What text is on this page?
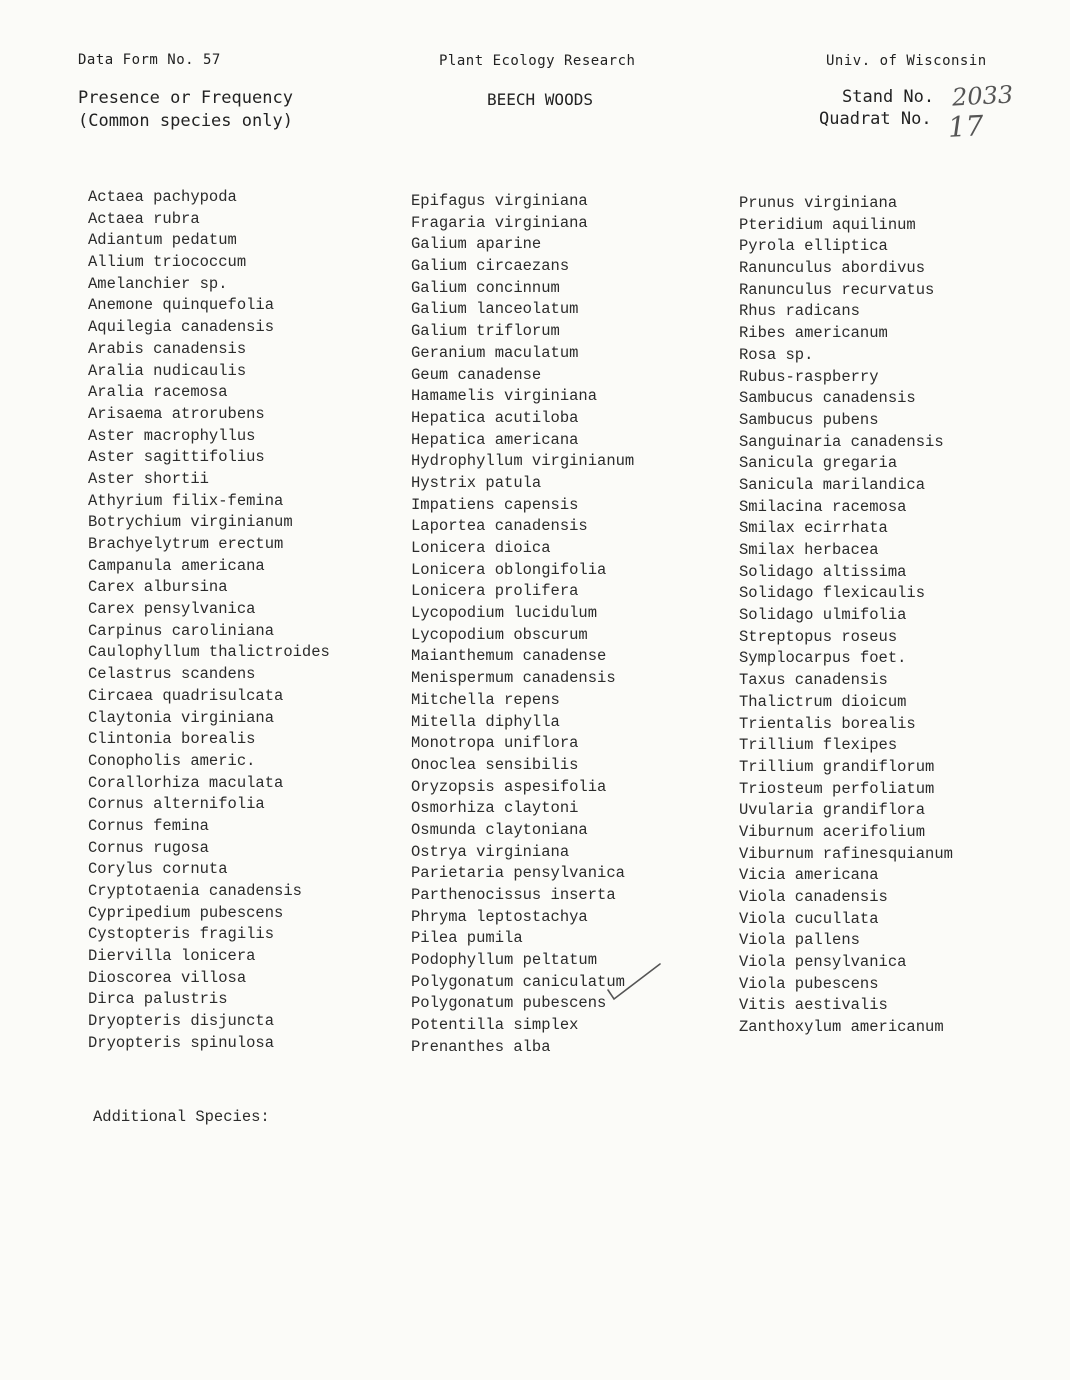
Data Form No. 57	Plant Ecology Research	Univ. of Wisconsin
Presence or Frequency
(Common species only)
BEECH WOODS	Stand No.
Quadrat No.
2033
17
Actaea pachypoda
Actaea rubra
Adiantum pedatum
Allium triococcum
Amelanchier sp.
Anemone quinquefolia
Aquilegia canadensis
Arabis canadensis
Aralia nudicaulis
Aralia racemosa
Arisaema atrorubens
Aster macrophyllus
Aster sagittifolius
Aster shortii
Athyrium filix-femina
Botrychium virginianum
Brachyelytrum erectum
Campanula americana
Carex albursina
Carex pensylvanica
Carpinus caroliniana
Caulophyllum thalictroides
Celastrus scandens
Circaea quadrisulcata
Claytonia virginiana
Clintonia borealis
Conopholis americ.
Corallorhiza maculata
Cornus alternifolia
Cornus femina
Cornus rugosa
Corylus cornuta
Cryptotaenia canadensis
Cypripedium pubescens
Cystopteris fragilis
Diervilla lonicera
Dioscorea villosa
Dirca palustris
Dryopteris disjuncta
Dryopteris spinulosa
Epifagus virginiana
Fragaria virginiana
Galium aparine
Galium circaezans
Galium concinnum
Galium lanceolatum
Galium triflorum
Geranium maculatum
Geum canadense
Hamamelis virginiana
Hepatica acutiloba
Hepatica americana
Hydrophyllum virginianum
Hystrix patula
Impatiens capensis
Laportea canadensis
Lonicera dioica
Lonicera oblongifolia
Lonicera prolifera
Lycopodium lucidulum
Lycopodium obscurum
Maianthemum canadense
Menispermum canadensis
Mitchella repens
Mitella diphylla
Monotropa uniflora
Onoclea sensibilis
Oryzopsis aspesifolia
Osmorhiza claytoni
Osmunda claytoniana
Ostrya virginiana
Parietaria pensylvanica
Parthenocissus inserta
Phryma leptostachya
Pilea pumila
Podophyllum peltatum
Polygonatum caniculatum
Polygonatum pubescens
Potentilla simplex
Prenanthes alba
Prunus virginiana
Pteridium aquilinum
Pyrola elliptica
Ranunculus abordivus
Ranunculus recurvatus
Rhus radicans
Ribes americanum
Rosa sp.
Rubus-raspberry
Sambucus canadensis
Sambucus pubens
Sanguinaria canadensis
Sanicula gregaria
Sanicula marilandica
Smilacina racemosa
Smilax ecirrhata
Smilax herbacea
Solidago altissima
Solidago flexicaulis
Solidago ulmifolia
Streptopus roseus
Symplocarpus foet.
Taxus canadensis
Thalictrum dioicum
Trientalis borealis
Trillium flexipes
Trillium grandiflorum
Triosteum perfoliatum
Uvularia grandiflora
Viburnum acerifolium
Viburnum rafinesquianum
Vicia americana
Viola canadensis
Viola cucullata
Viola pallens
Viola pensylvanica
Viola pubescens
Vitis aestivalis
Zanthoxylum americanum
Additional Species:
